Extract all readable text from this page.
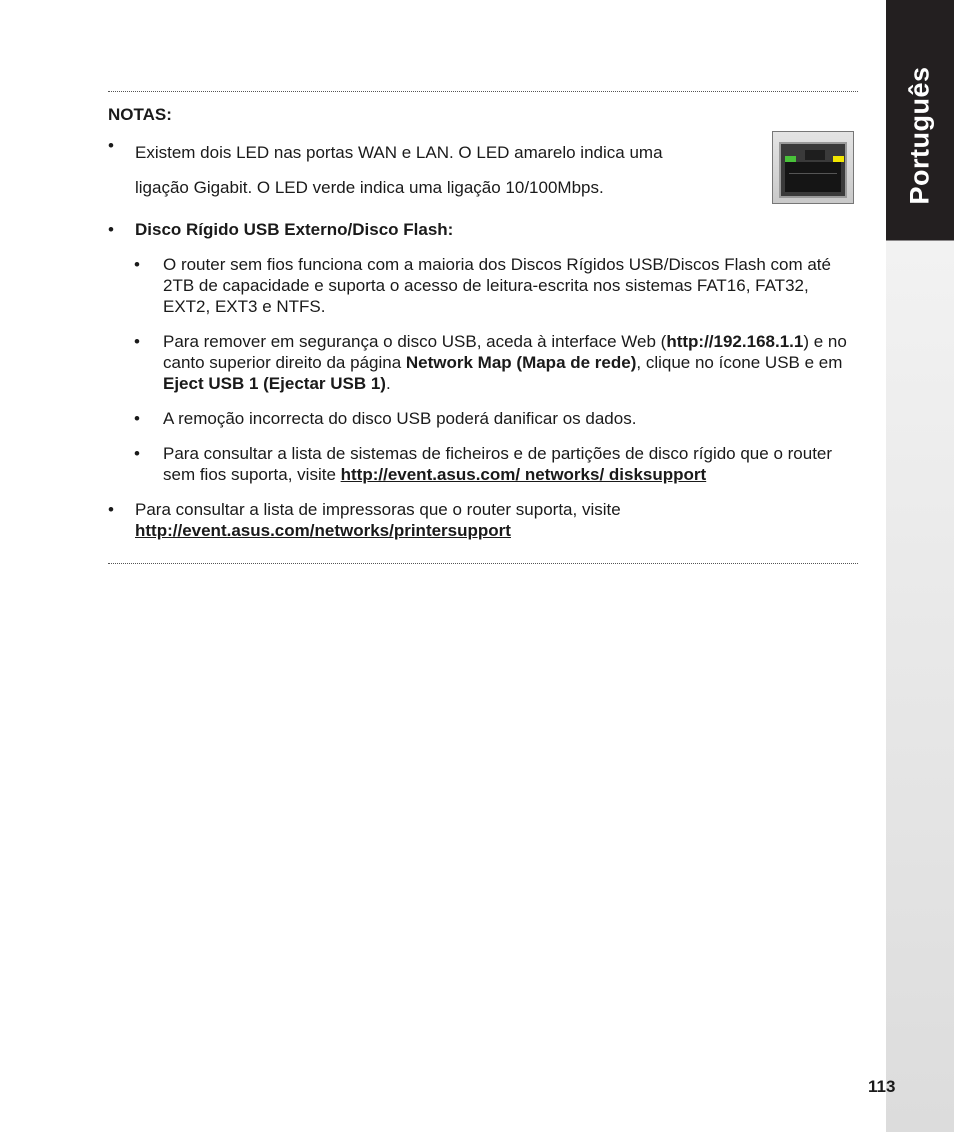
Português
NOTAS:
• Existem dois LED nas portas WAN e LAN. O LED amarelo indica uma
ligação Gigabit. O LED verde indica uma ligação 10/100Mbps.
• Disco Rígido USB Externo/Disco Flash:
• O router sem fios funciona com a maioria dos Discos Rígidos USB/Discos Flash com até 2TB de capacidade e suporta o acesso de leitura-escrita nos sistemas FAT16, FAT32, EXT2, EXT3 e NTFS.
• Para remover em segurança o disco USB, aceda à interface Web (http://192.168.1.1) e no canto superior direito da página Network Map (Mapa de rede), clique no ícone USB e em Eject USB 1 (Ejectar USB 1).
• A remoção incorrecta do disco USB poderá danificar os dados.
• Para consultar a lista de sistemas de ficheiros e de partições de disco rígido que o router sem fios suporta, visite http://event.asus.com/ networks/ disksupport
• Para consultar a lista de impressoras que o router suporta, visite http://event.asus.com/networks/printersupport
113
